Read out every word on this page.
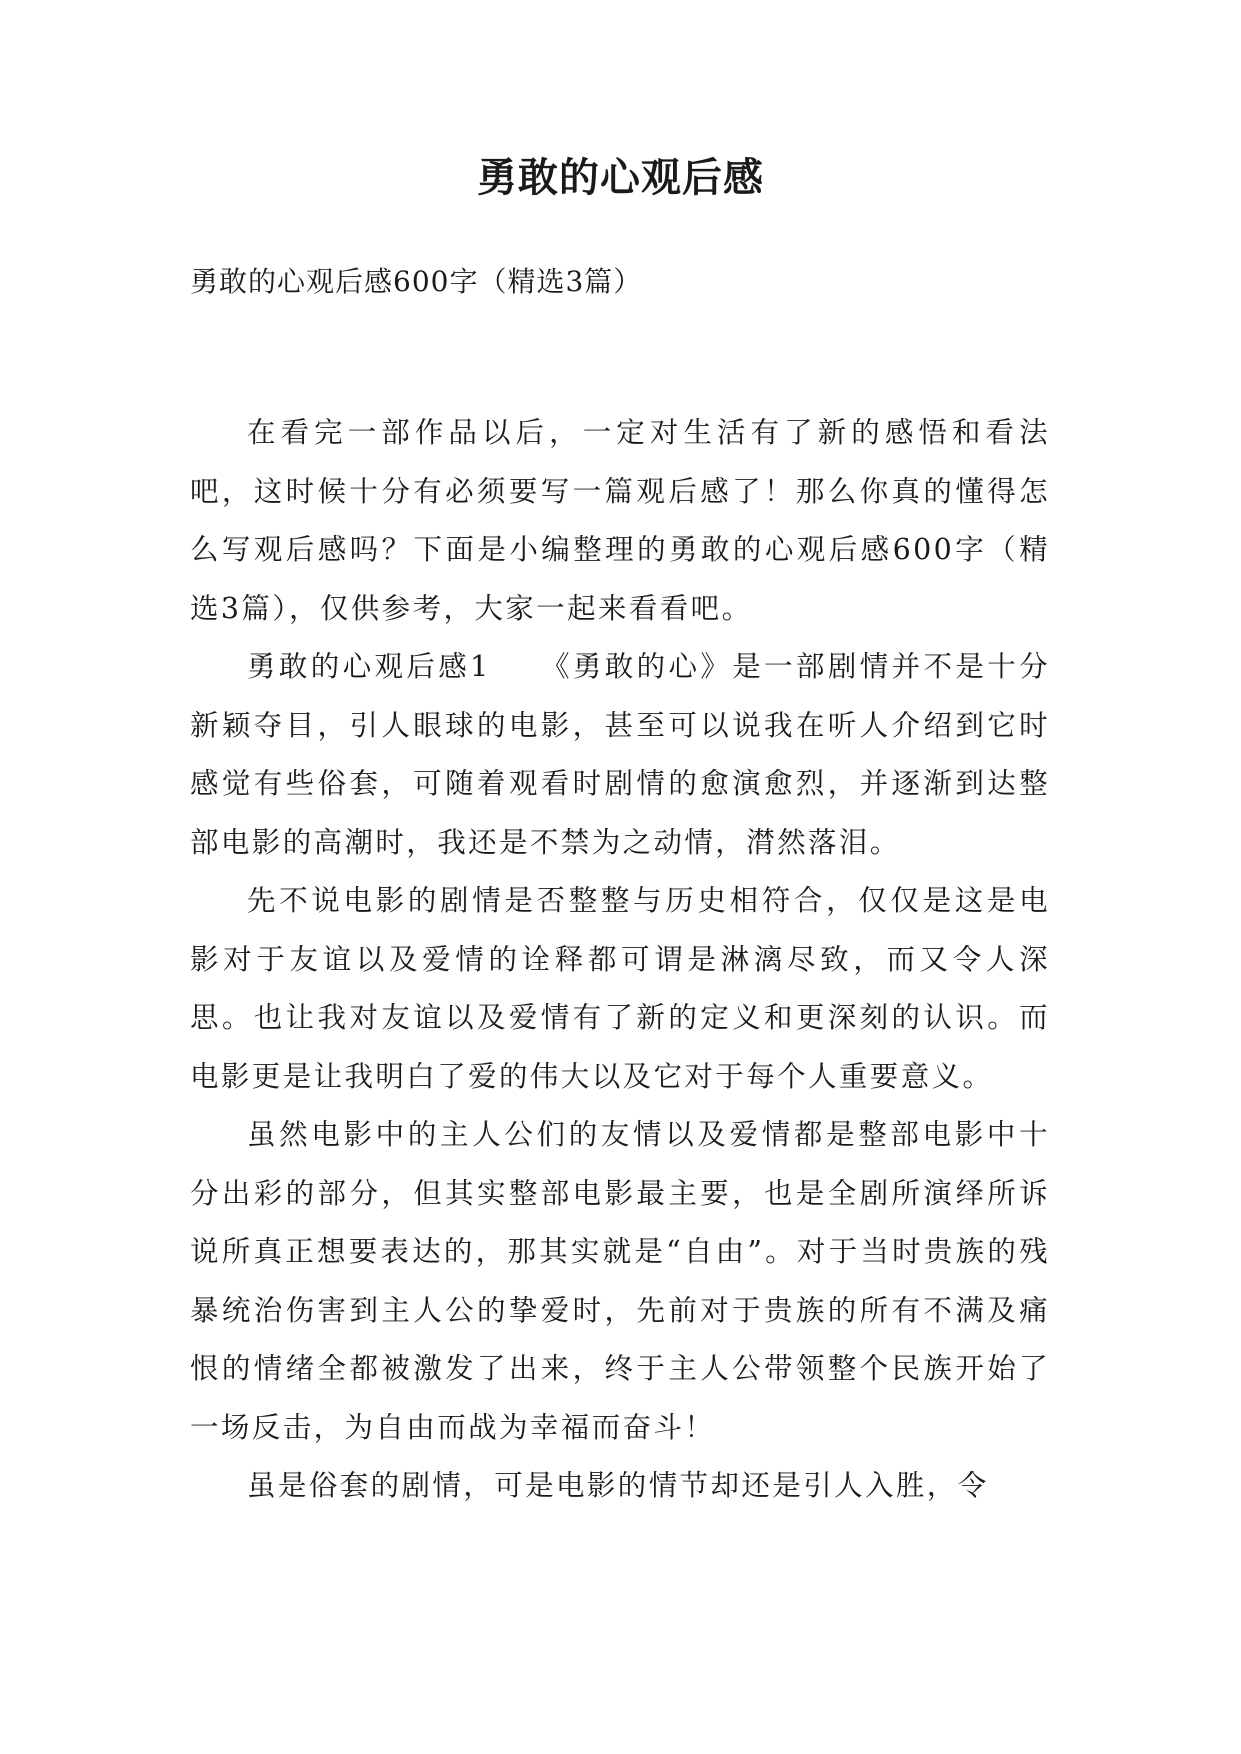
勇敢的心观后感

勇敢的心观后感600字（精选3篇）

在看完一部作品以后，一定对生活有了新的感悟和看法吧，这时候十分有必须要写一篇观后感了！那么你真的懂得怎么写观后感吗？下面是小编整理的勇敢的心观后感600字（精选3篇），仅供参考，大家一起来看看吧。

勇敢的心观后感1　　《勇敢的心》是一部剧情并不是十分新颖夺目，引人眼球的电影，甚至可以说我在听人介绍到它时感觉有些俗套，可随着观看时剧情的愈演愈烈，并逐渐到达整部电影的高潮时，我还是不禁为之动情，潸然落泪。

先不说电影的剧情是否整整与历史相符合，仅仅是这是电影对于友谊以及爱情的诠释都可谓是淋漓尽致，而又令人深思。也让我对友谊以及爱情有了新的定义和更深刻的认识。而电影更是让我明白了爱的伟大以及它对于每个人重要意义。

虽然电影中的主人公们的友情以及爱情都是整部电影中十分出彩的部分，但其实整部电影最主要，也是全剧所演绎所诉说所真正想要表达的，那其实就是“自由”。对于当时贵族的残暴统治伤害到主人公的挚爱时，先前对于贵族的所有不满及痛恨的情绪全都被激发了出来，终于主人公带领整个民族开始了一场反击，为自由而战为幸福而奋斗！

虽是俗套的剧情，可是电影的情节却还是引人入胜，令
